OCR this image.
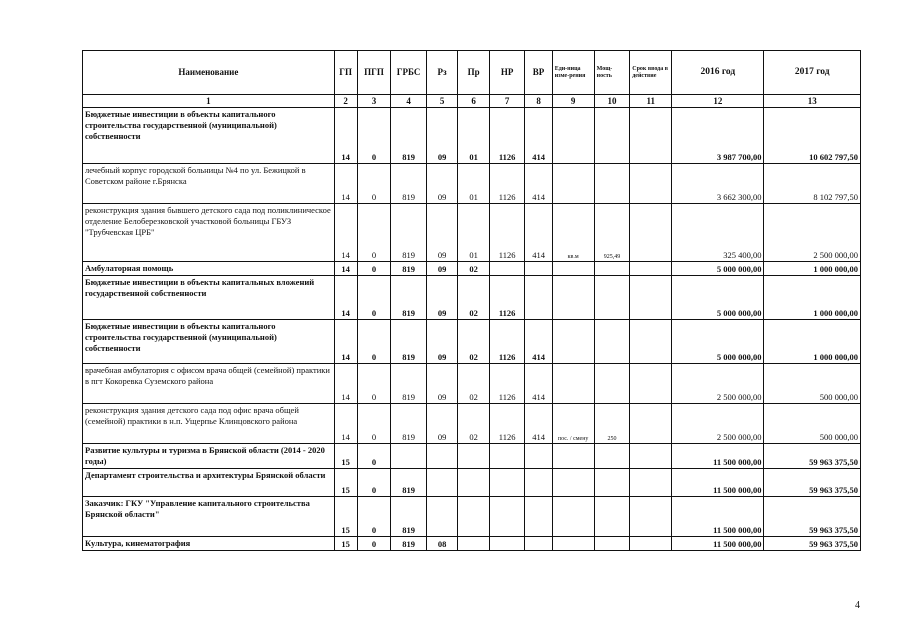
Наименование	ГП	ПГП	ГРБС	Рз	Пр	НР	ВР	Еди-ница изме-рения	Мощ-ность	Срок ввода в действие	2016 год	2017 год
1	2	3	4	5	6	7	8	9	10	11	12	13
Бюджетные инвестиции в объекты капитального строительства государственной (муниципальной) собственности	14	0	819	09	01	1126	414				3 987 700,00	10 602 797,50
лечебный корпус городской больницы №4 по ул. Бежицкой в Советском районе г.Брянска	14	0	819	09	01	1126	414				3 662 300,00	8 102 797,50
реконструкция здания бывшего детского сада под поликлиническое отделение Белоберезковской участковой больницы ГБУЗ "Трубчевская ЦРБ"	14	0	819	09	01	1126	414	кв.м	925,49		325 400,00	2 500 000,00
Амбулаторная помощь	14	0	819	09	02						5 000 000,00	1 000 000,00
Бюджетные инвестиции в объекты капитальных вложений государственной собственности	14	0	819	09	02	1126					5 000 000,00	1 000 000,00
Бюджетные инвестиции в объекты капитального строительства государственной (муниципальной) собственности	14	0	819	09	02	1126	414				5 000 000,00	1 000 000,00
врачебная амбулатория с офисом врача общей (семейной) практики в пгт Кокоревка Суземского района	14	0	819	09	02	1126	414				2 500 000,00	500 000,00
реконструкция здания детского сада под офис врача общей (семейной) практики в н.п. Ущерпье Клинцовского района	14	0	819	09	02	1126	414	пос. / смену	250		2 500 000,00	500 000,00
Развитие культуры и туризма в Брянской области (2014 - 2020 годы)	15	0									11 500 000,00	59 963 375,50
Департамент строительства и архитектуры Брянской области	15	0	819								11 500 000,00	59 963 375,50
Заказчик: ГКУ "Управление капитального строительства Брянской области"	15	0	819								11 500 000,00	59 963 375,50
Культура, кинематография	15	0	819	08							11 500 000,00	59 963 375,50
4
